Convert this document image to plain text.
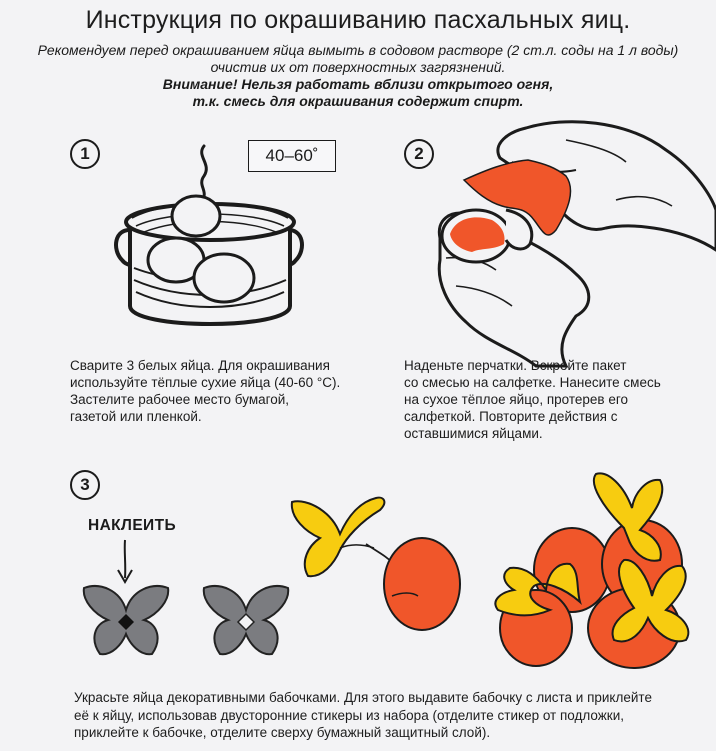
Инструкция по окрашиванию пасхальных яиц.
Рекомендуем перед окрашиванием яйца вымыть в содовом растворе (2 ст.л. соды на 1 л воды)
очистив их от поверхностных загрязнений.
Внимание! Нельзя работать вблизи открытого огня,
т.к. смесь для окрашивания содержит спирт.
1	40–60˚
Сварите 3 белых яйца. Для окрашивания
используйте тёплые сухие яйца (40-60 °С).
Застелите рабочее место бумагой,
газетой или пленкой.
2
Наденьте перчатки. Вскройте пакет
со смесью на салфетке. Нанесите смесь
на сухое тёплое яйцо, протерев его
салфеткой. Повторите действия с
оставшимися яйцами.
3
НАКЛЕИТЬ
Украсьте яйца декоративными бабочками. Для этого выдавите бабочку с листа и приклейте
её к яйцу, использовав двусторонние стикеры из набора (отделите стикер от подложки,
приклейте к бабочке, отделите сверху бумажный защитный слой).
